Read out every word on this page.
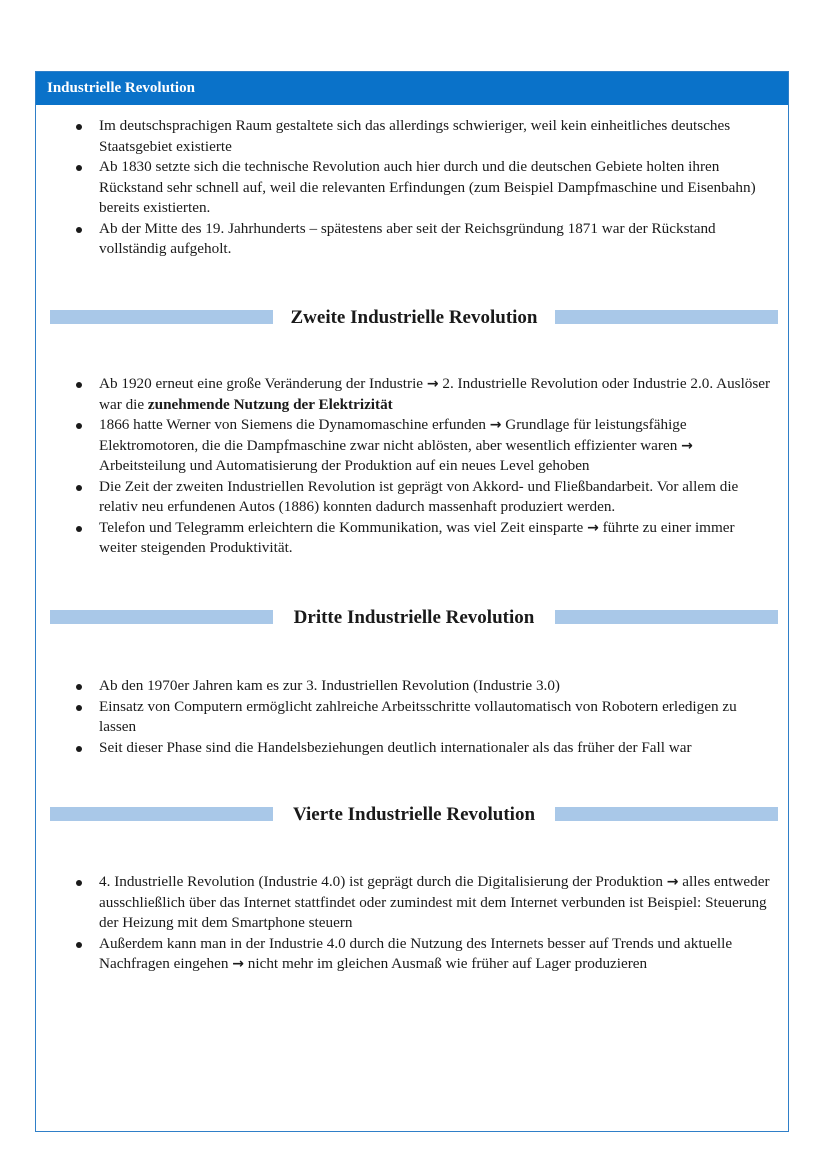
Industrielle Revolution
Im deutschsprachigen Raum gestaltete sich das allerdings schwieriger, weil kein einheitliches deutsches Staatsgebiet existierte
Ab 1830 setzte sich die technische Revolution auch hier durch und die deutschen Gebiete holten ihren Rückstand sehr schnell auf, weil die relevanten Erfindungen (zum Beispiel Dampfmaschine und Eisenbahn) bereits existierten.
Ab der Mitte des 19. Jahrhunderts – spätestens aber seit der Reichsgründung 1871 war der Rückstand vollständig aufgeholt.
Zweite Industrielle Revolution
Ab 1920 erneut eine große Veränderung der Industrie → 2. Industrielle Revolution oder Industrie 2.0. Auslöser war die zunehmende Nutzung der Elektrizität
1866 hatte Werner von Siemens die Dynamomaschine erfunden → Grundlage für leistungsfähige Elektromotoren, die die Dampfmaschine zwar nicht ablösten, aber wesentlich effizienter waren → Arbeitsteilung und Automatisierung der Produktion auf ein neues Level gehoben
Die Zeit der zweiten Industriellen Revolution ist geprägt von Akkord- und Fließbandarbeit. Vor allem die relativ neu erfundenen Autos (1886) konnten dadurch massenhaft produziert werden.
Telefon und Telegramm erleichtern die Kommunikation, was viel Zeit einsparte → führte zu einer immer weiter steigenden Produktivität.
Dritte Industrielle Revolution
Ab den 1970er Jahren kam es zur 3. Industriellen Revolution (Industrie 3.0)
Einsatz von Computern ermöglicht zahlreiche Arbeitsschritte vollautomatisch von Robotern erledigen zu lassen
Seit dieser Phase sind die Handelsbeziehungen deutlich internationaler als das früher der Fall war
Vierte Industrielle Revolution
4. Industrielle Revolution (Industrie 4.0) ist geprägt durch die Digitalisierung der Produktion → alles entweder ausschließlich über das Internet stattfindet oder zumindest mit dem Internet verbunden ist Beispiel: Steuerung der Heizung mit dem Smartphone steuern
Außerdem kann man in der Industrie 4.0 durch die Nutzung des Internets besser auf Trends und aktuelle Nachfragen eingehen → nicht mehr im gleichen Ausmaß wie früher auf Lager produzieren
